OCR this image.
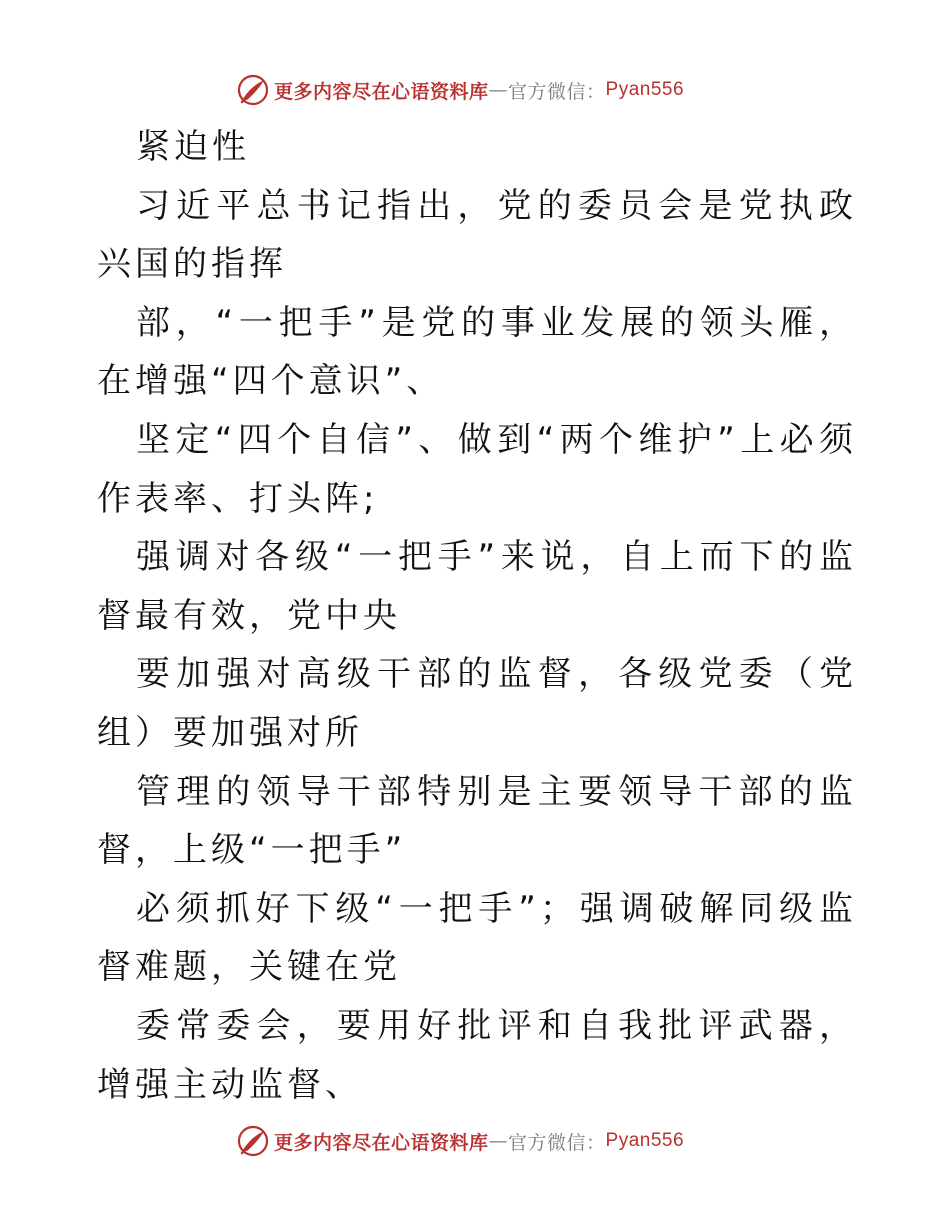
更多内容尽在心语资料库 — 官方微信： Pyan556

紧迫性

习近平总书记指出，党的委员会是党执政兴国的指挥

部，“一把手”是党的事业发展的领头雁，在增强“四个意识”、

坚定“四个自信”、做到“两个维护”上必须作表率、打头阵;

强调对各级“一把手”来说，自上而下的监督最有效，党中央

要加强对高级干部的监督，各级党委（党组）要加强对所

管理的领导干部特别是主要领导干部的监督，上级“一把手”

必须抓好下级“一把手”；强调破解同级监督难题，关键在党

委常委会，要用好批评和自我批评武器，增强主动监督、

更多内容尽在心语资料库 — 官方微信： Pyan556
